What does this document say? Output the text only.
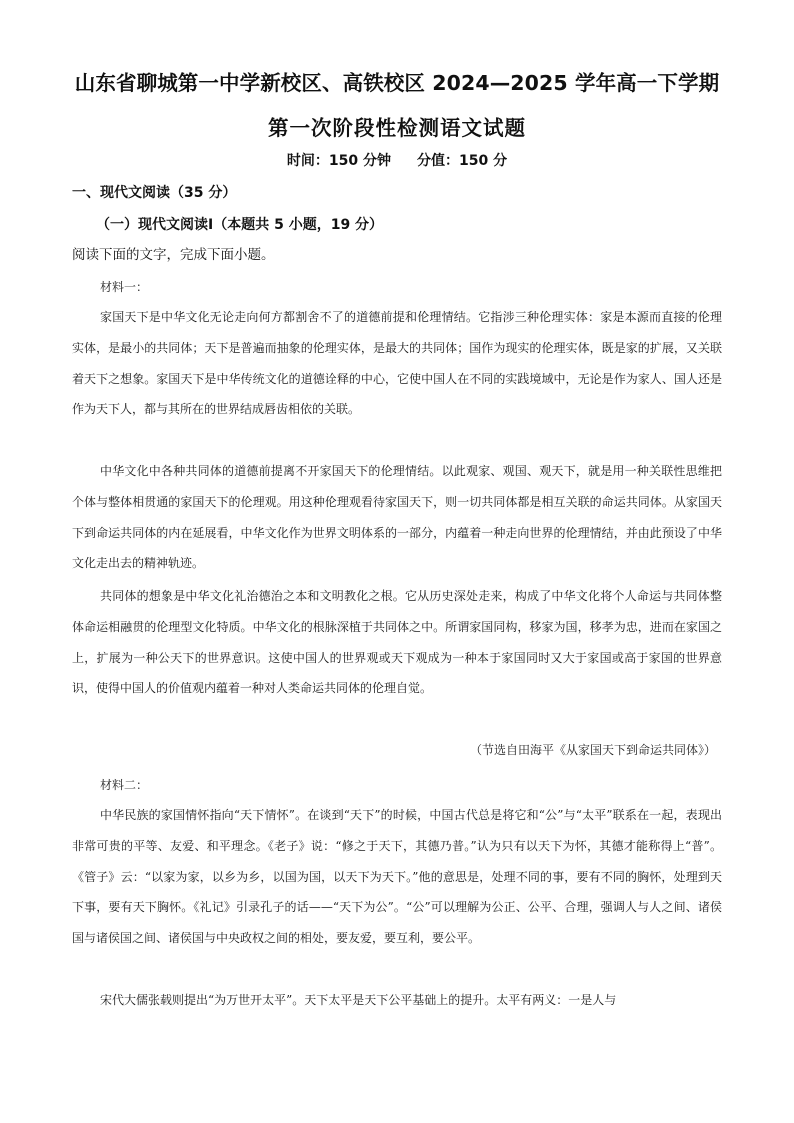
山东省聊城第一中学新校区、高铁校区 2024—2025 学年高一下学期
第一次阶段性检测语文试题
时间：150 分钟 分值：150 分
一、现代文阅读（35 分）
（一）现代文阅读Ⅰ（本题共 5 小题，19 分）
阅读下面的文字，完成下面小题。
材料一：
家国天下是中华文化无论走向何方都割舍不了的道德前提和伦理情结。它指涉三种伦理实体：家是本源而直接的伦理实体，是最小的共同体；天下是普遍而抽象的伦理实体，是最大的共同体；国作为现实的伦理实体，既是家的扩展，又关联着天下之想象。家国天下是中华传统文化的道德诠释的中心，它使中国人在不同的实践境域中，无论是作为家人、国人还是作为天下人，都与其所在的世界结成唇齿相依的关联。
中华文化中各种共同体的道德前提离不开家国天下的伦理情结。以此观家、观国、观天下，就是用一种关联性思维把个体与整体相贯通的家国天下的伦理观。用这种伦理观看待家国天下，则一切共同体都是相互关联的命运共同体。从家国天下到命运共同体的内在延展看，中华文化作为世界文明体系的一部分，内蕴着一种走向世界的伦理情结，并由此预设了中华文化走出去的精神轨迹。
共同体的想象是中华文化礼治德治之本和文明教化之根。它从历史深处走来，构成了中华文化将个人命运与共同体整体命运相融贯的伦理型文化特质。中华文化的根脉深植于共同体之中。所谓家国同构，移家为国，移孝为忠，进而在家国之上，扩展为一种公天下的世界意识。这使中国人的世界观或天下观成为一种本于家国同时又大于家国或高于家国的世界意识，使得中国人的价值观内蕴着一种对人类命运共同体的伦理自觉。
（节选自田海平《从家国天下到命运共同体》）
材料二：
中华民族的家国情怀指向“天下情怀”。在谈到“天下”的时候，中国古代总是将它和“公”与“太平”联系在一起，表现出非常可贵的平等、友爱、和平理念。《老子》说：“修之于天下，其德乃普。”认为只有以天下为怀，其德才能称得上“普”。《管子》云：“以家为家，以乡为乡，以国为国，以天下为天下。”他的意思是，处理不同的事，要有不同的胸怀，处理到天下事，要有天下胸怀。《礼记》引录孔子的话——“天下为公”。“公”可以理解为公正、公平、合理，强调人与人之间、诸侯国与诸侯国之间、诸侯国与中央政权之间的相处，要友爱，要互利，要公平。
宋代大儒张载则提出“为万世开太平”。天下太平是天下公平基础上的提升。太平有两义：一是人与
